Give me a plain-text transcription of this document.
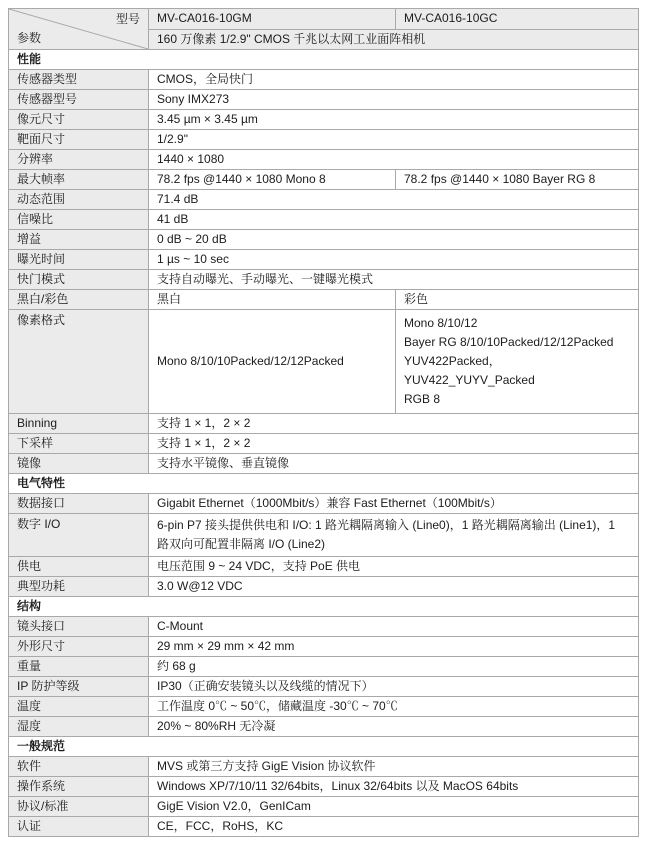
型号
参数	MV-CA016-10GM	MV-CA016-10GC
	160 万像素 1/2.9" CMOS 千兆以太网工业面阵相机	
性能		
传感器类型	CMOS，全局快门	
传感器型号	Sony IMX273	
像元尺寸	3.45 µm × 3.45 µm	
靶面尺寸	1/2.9"	
分辨率	1440 × 1080	
最大帧率	78.2 fps @1440 × 1080 Mono 8	78.2 fps @1440 × 1080 Bayer RG 8
动态范围	71.4 dB	
信噪比	41 dB	
增益	0 dB ~ 20 dB	
曝光时间	1 µs ~ 10 sec	
快门模式	支持自动曝光、手动曝光、一键曝光模式	
黑白/彩色	黑白	彩色
像素格式	Mono 8/10/10Packed/12/12Packed	Mono 8/10/12
Bayer RG 8/10/10Packed/12/12Packed
YUV422Packed，YUV422_YUYV_Packed
RGB 8

Binning	支持 1 × 1，2 × 2	
下采样	支持 1 × 1，2 × 2	
镜像	支持水平镜像、垂直镜像	
电气特性		
数据接口	Gigabit Ethernet（1000Mbit/s）兼容 Fast Ethernet（100Mbit/s）	
数字 I/O	6-pin P7 接头提供供电和 I/O: 1 路光耦隔离输入 (Line0)，1 路光耦隔离输出 (Line1)，1 路双向可配置非隔离 I/O (Line2)	
供电	电压范围 9 ~ 24 VDC，支持 PoE 供电	
典型功耗	3.0 W@12 VDC	
结构		
镜头接口	C-Mount	
外形尺寸	29 mm × 29 mm × 42 mm	
重量	约 68 g	
IP 防护等级	IP30（正确安装镜头以及线缆的情况下）	
温度	工作温度 0℃ ~ 50℃，储藏温度 -30℃ ~ 70℃	
湿度	20% ~ 80%RH 无冷凝	
一般规范		
软件	MVS 或第三方支持 GigE Vision 协议软件	
操作系统	Windows XP/7/10/11 32/64bits，Linux 32/64bits 以及 MacOS 64bits	
协议/标准	GigE Vision V2.0，GenICam	
认证	CE，FCC，RoHS，KC	
